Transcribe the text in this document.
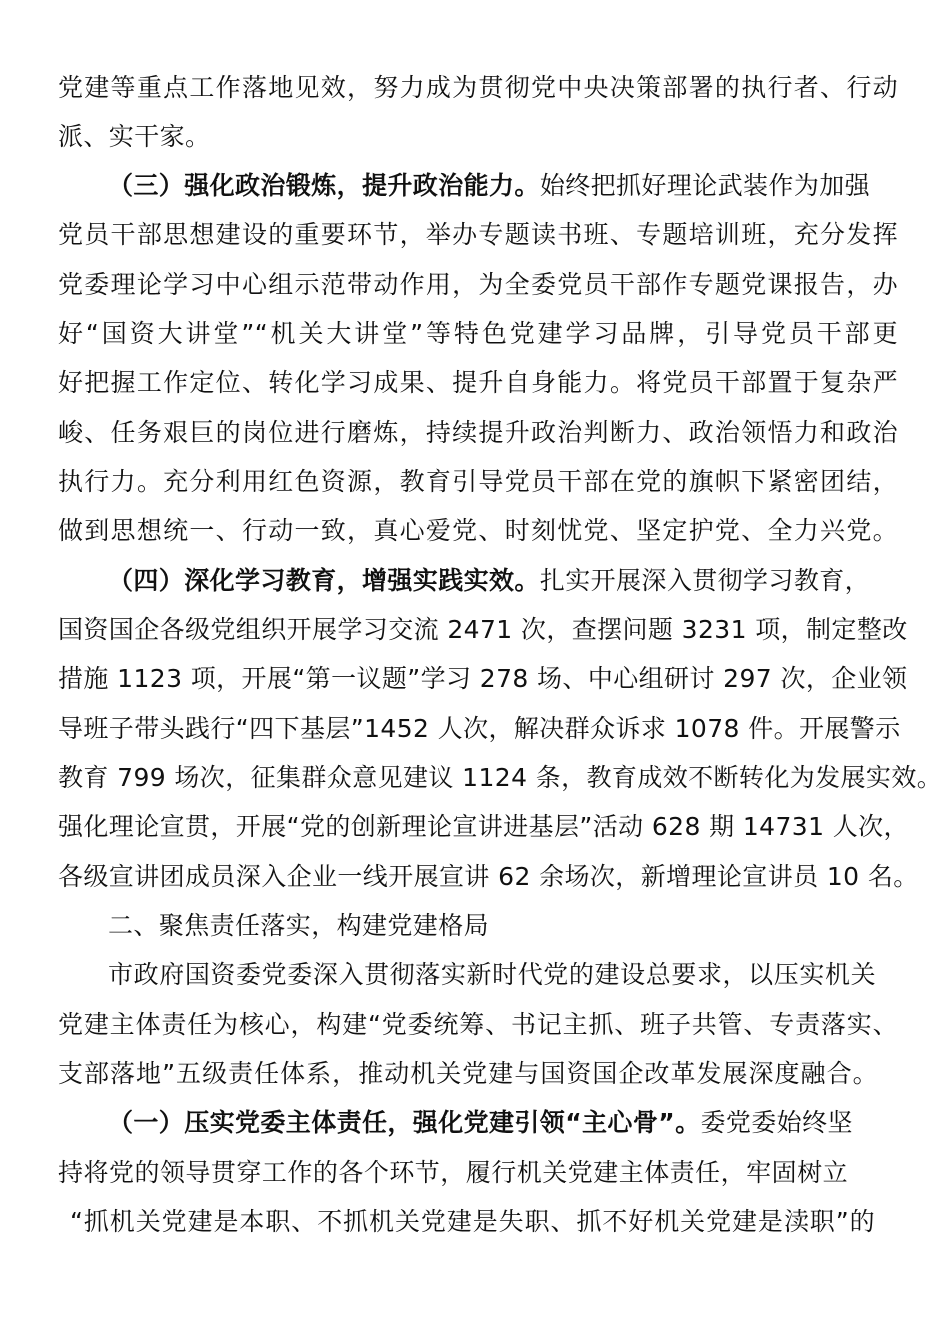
党建等重点工作落地见效，努力成为贯彻党中央决策部署的执行者、行动
派、实干家。
（三）强化政治锻炼，提升政治能力。始终把抓好理论武装作为加强
党员干部思想建设的重要环节，举办专题读书班、专题培训班，充分发挥
党委理论学习中心组示范带动作用，为全委党员干部作专题党课报告，办
好“国资大讲堂”“机关大讲堂”等特色党建学习品牌，引导党员干部更
好把握工作定位、转化学习成果、提升自身能力。将党员干部置于复杂严
峻、任务艰巨的岗位进行磨炼，持续提升政治判断力、政治领悟力和政治
执行力。充分利用红色资源，教育引导党员干部在党的旗帜下紧密团结，
做到思想统一、行动一致，真心爱党、时刻忧党、坚定护党、全力兴党。
（四）深化学习教育，增强实践实效。扎实开展深入贯彻学习教育，
国资国企各级党组织开展学习交流 2471 次，查摆问题 3231 项，制定整改
措施 1123 项，开展“第一议题”学习 278 场、中心组研讨 297 次，企业领
导班子带头践行“四下基层”1452 人次，解决群众诉求 1078 件。开展警示
教育 799 场次，征集群众意见建议 1124 条，教育成效不断转化为发展实效。
强化理论宣贯，开展“党的创新理论宣讲进基层”活动 628 期 14731 人次，
各级宣讲团成员深入企业一线开展宣讲 62 余场次，新增理论宣讲员 10 名。
二、聚焦责任落实，构建党建格局
市政府国资委党委深入贯彻落实新时代党的建设总要求，以压实机关
党建主体责任为核心，构建“党委统筹、书记主抓、班子共管、专责落实、
支部落地”五级责任体系，推动机关党建与国资国企改革发展深度融合。
（一）压实党委主体责任，强化党建引领“主心骨”。委党委始终坚
持将党的领导贯穿工作的各个环节，履行机关党建主体责任，牢固树立
“抓机关党建是本职、不抓机关党建是失职、抓不好机关党建是渎职”的
